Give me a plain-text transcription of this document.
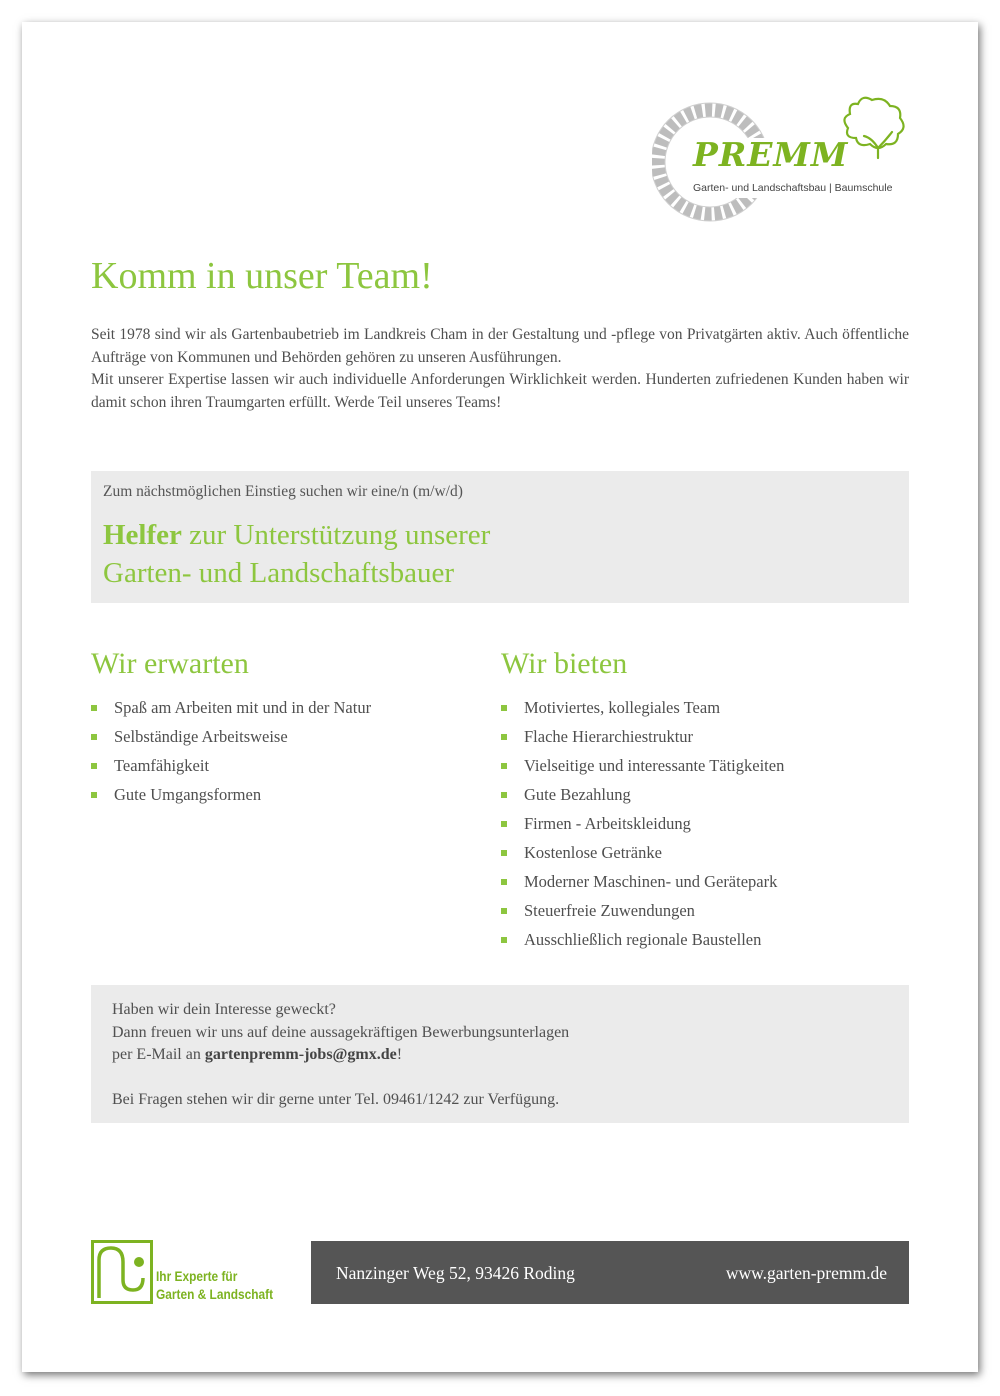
PREMM
Garten- und Landschaftsbau | Baumschule
Komm in unser Team!

Seit 1978 sind wir als Gartenbaubetrieb im Landkreis Cham in der Gestaltung und -pflege von Privatgärten aktiv. Auch öffentliche Aufträge von Kommunen und Behörden gehören zu unseren Ausführungen.

Mit unserer Expertise lassen wir auch individuelle Anforderungen Wirklichkeit werden. Hunderten zufriedenen Kunden haben wir damit schon ihren Traumgarten erfüllt. Werde Teil unseres Teams!

Zum nächstmöglichen Einstieg suchen wir eine/n (m/w/d)
Helfer zur Unterstützung unserer
Garten- und Landschaftsbauer
Wir erwarten
Spaß am Arbeiten mit und in der Natur
Selbständige Arbeitsweise
Teamfähigkeit
Gute Umgangsformen
Wir bieten
Motiviertes, kollegiales Team
Flache Hierarchiestruktur
Vielseitige und interessante Tätigkeiten
Gute Bezahlung
Firmen - Arbeitskleidung
Kostenlose Getränke
Moderner Maschinen- und Gerätepark
Steuerfreie Zuwendungen
Ausschließlich regionale Baustellen
Haben wir dein Interesse geweckt?
Dann freuen wir uns auf deine aussagekräftigen Bewerbungsunterlagen
per E-Mail an gartenpremm-jobs@gmx.de!
Bei Fragen stehen wir dir gerne unter Tel. 09461/1242 zur Verfügung.
Ihr Experte für
Garten & Landschaft
Nanzinger Weg 52, 93426 Roding	www.garten-premm.de
